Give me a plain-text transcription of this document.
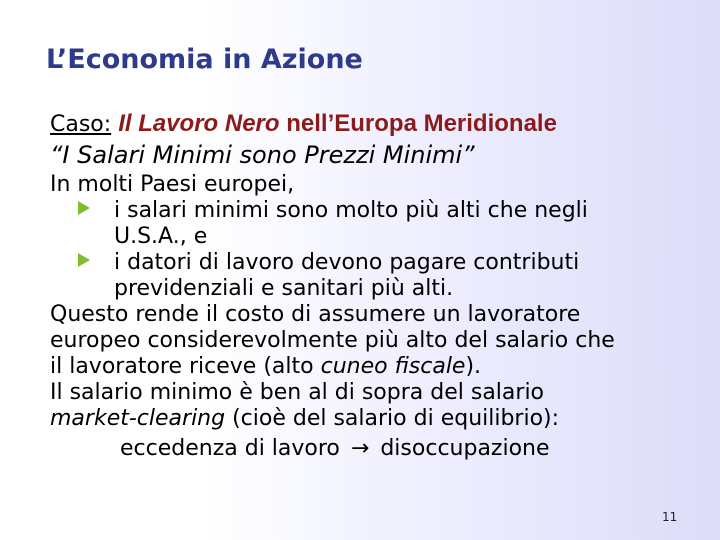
L’Economia in Azione
Caso: Il Lavoro Nero nell’Europa Meridionale
“I Salari Minimi sono Prezzi Minimi”
In molti Paesi europei,
i salari minimi sono molto più alti che negli
U.S.A., e
i datori di lavoro devono pagare contributi
previdenziali e sanitari più alti.
Questo rende il costo di assumere un lavoratore
europeo considerevolmente più alto del salario che
il lavoratore riceve (alto cuneo fiscale).
Il salario minimo è ben al di sopra del salario
market-clearing (cioè del salario di equilibrio):
eccedenza di lavoro → disoccupazione
11
